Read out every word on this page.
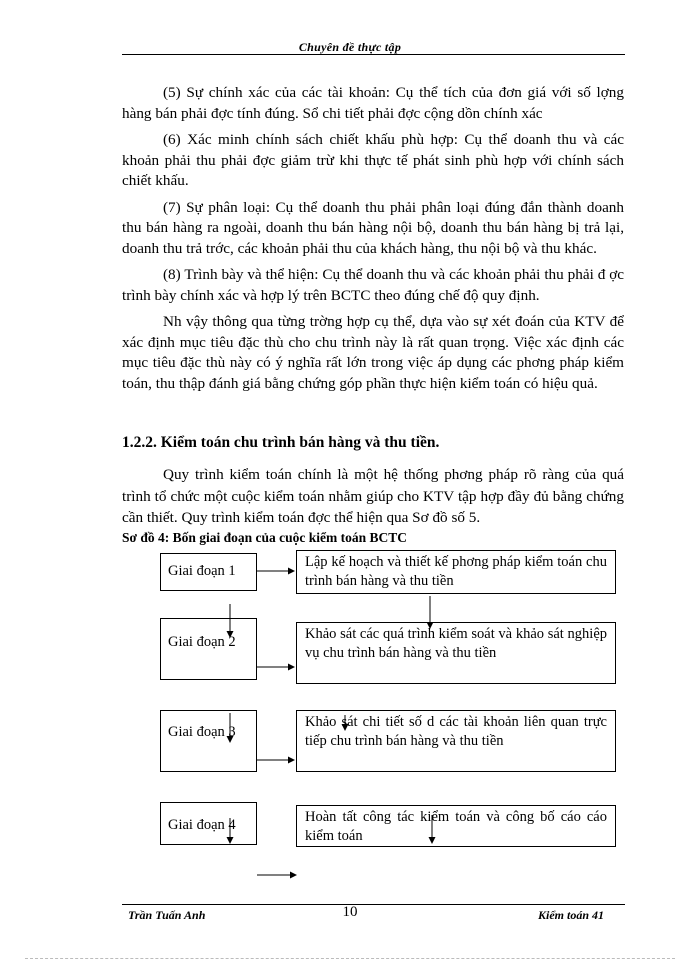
Chuyên đề thực tập

(5) Sự chính xác của các tài khoản: Cụ thể tích của đơn giá với số lợng hàng bán phải đợc tính đúng. Sổ chi tiết phải đợc cộng dồn chính xác

(6) Xác minh chính sách chiết khấu phù hợp: Cụ thể doanh thu và các khoản phải thu phải đợc giảm trừ khi thực tế phát sinh phù hợp với chính sách chiết khấu.

(7) Sự phân loại: Cụ thể doanh thu phải phân loại đúng đắn thành doanh thu bán hàng ra ngoài, doanh thu bán hàng nội bộ, doanh thu bán hàng bị trả lại, doanh thu trả trớc, các khoản phải thu của khách hàng, thu nội bộ và thu khác.

(8) Trình bày và thể hiện: Cụ thể doanh thu và các khoản phải thu phải đ ợc trình bày chính xác và hợp lý trên BCTC theo đúng chế độ quy định.

Nh vậy thông qua từng trờng hợp cụ thể, dựa vào sự xét đoán của KTV để xác định mục tiêu đặc thù cho chu trình này là rất quan trọng. Việc xác định các mục tiêu đặc thù này có ý nghĩa rất lớn trong việc áp dụng các phơng pháp kiểm toán, thu thập đánh giá bằng chứng góp phần thực hiện kiểm toán có hiệu quả.

1.2.2. Kiểm toán chu trình bán hàng và thu tiền.

Quy trình kiểm toán chính là một hệ thống phơng pháp rõ ràng của quá trình tổ chức một cuộc kiểm toán nhằm giúp cho KTV tập hợp đầy đủ bằng chứng cần thiết. Quy trình kiểm toán đợc thể hiện qua Sơ đồ số 5.

Sơ đồ 4: Bốn giai đoạn của cuộc kiểm toán BCTC
Giai đoạn 1
Giai đoạn 2
Giai đoạn 3
Giai đoạn 4
Lập kế hoạch và thiết kế phơng pháp kiểm toán chu trình bán hàng và thu tiền
Khảo sát các quá trình kiểm soát và khảo sát nghiệp vụ chu trình bán hàng và thu tiền
Khảo sát chi tiết số d các tài khoản liên quan trực tiếp chu trình bán hàng và thu tiền
Hoàn tất công tác kiểm toán và công bố cáo cáo kiểm toán
Trần Tuấn Anh	10	Kiểm toán 41
